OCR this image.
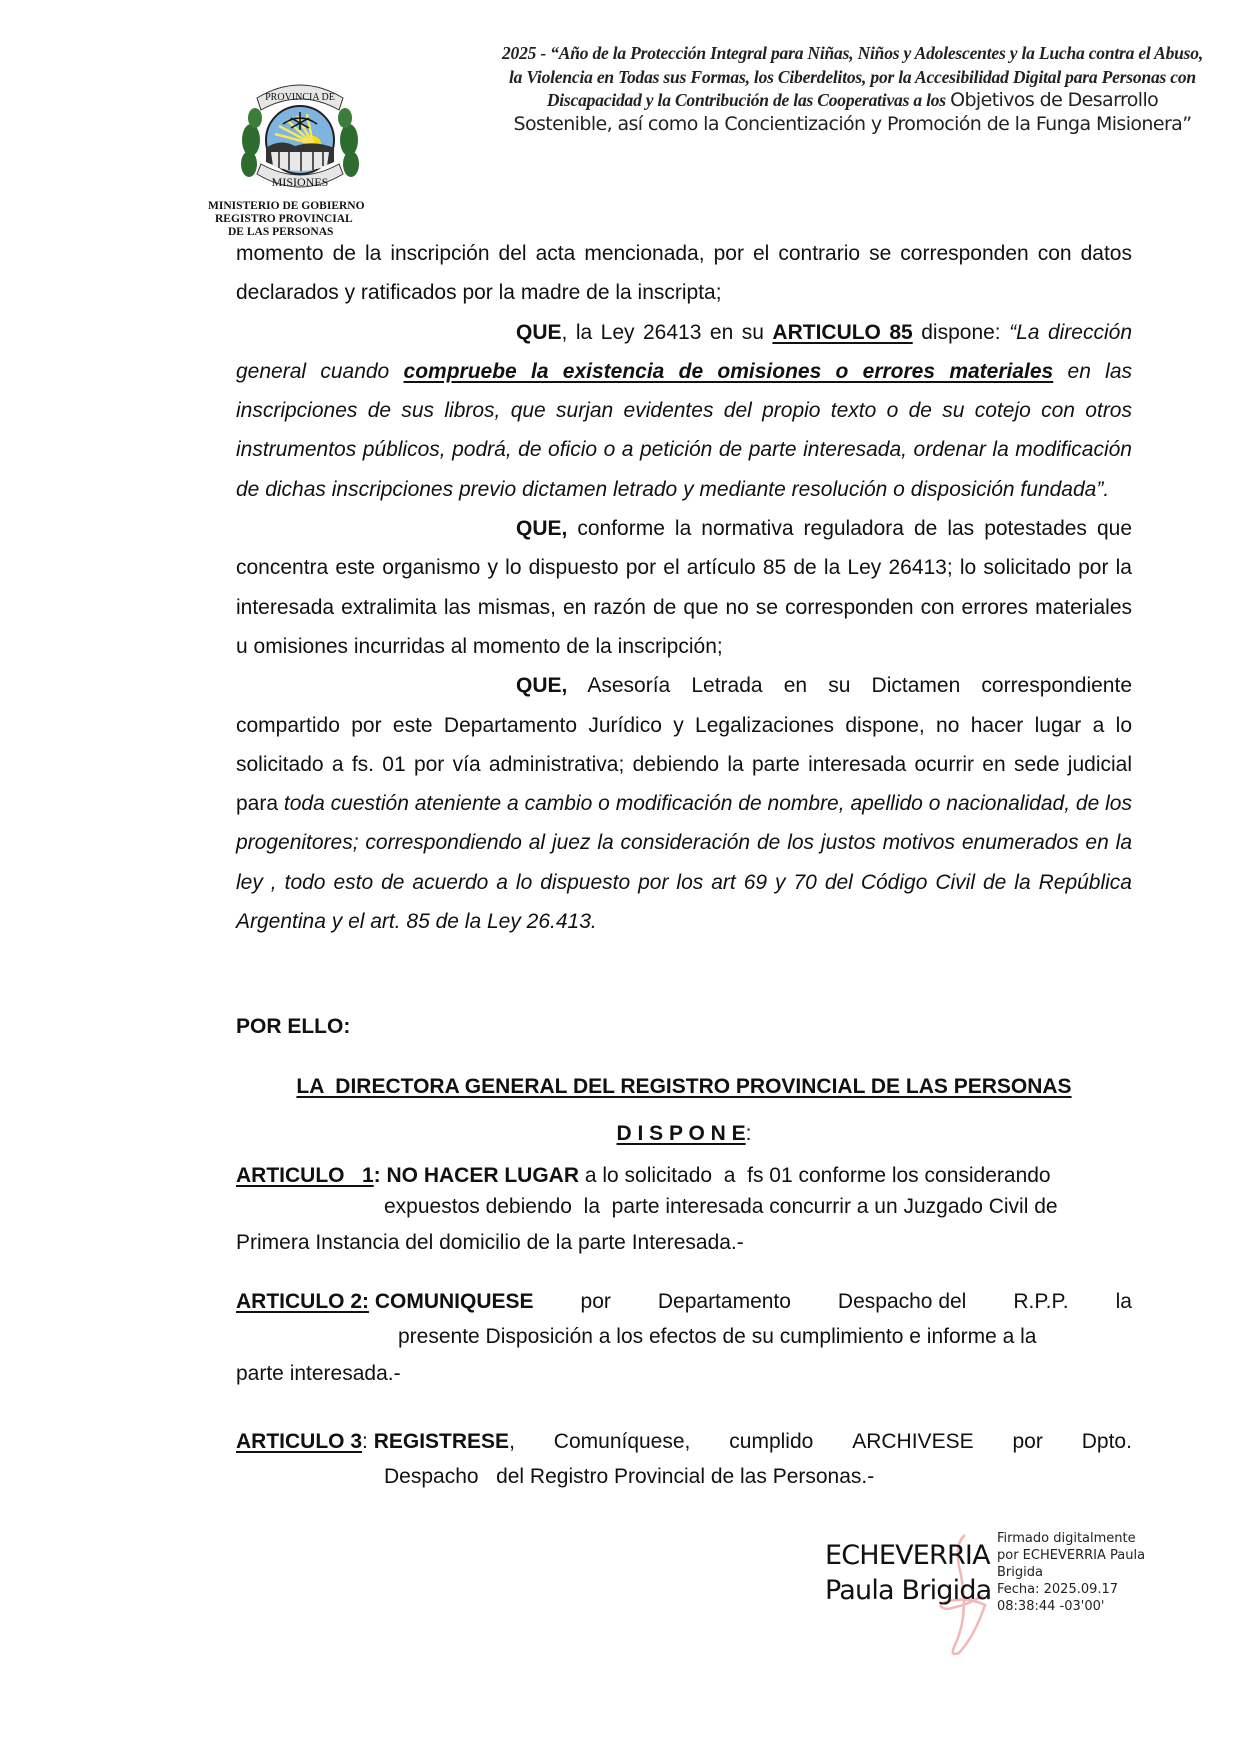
PROVINCIA DE
MISIONES
MINISTERIO DE GOBIERNO
REGISTRO PROVINCIAL
DE LAS PERSONAS
2025 - “Año de la Protección Integral para Niñas, Niños y Adolescentes y la Lucha contra el Abuso, la Violencia en Todas sus Formas, los Ciberdelitos, por la Accesibilidad Digital para Personas con Discapacidad y la Contribución de las Cooperativas a los Objetivos de Desarrollo Sostenible, así como la Concientización y Promoción de la Funga Misionera”

momento de la inscripción del acta mencionada, por el contrario se corresponden con datos declarados y ratificados por la madre de la inscripta;

QUE, la Ley 26413 en su ARTICULO 85 dispone: “La dirección general cuando compruebe la existencia de omisiones o errores materiales en las inscripciones de sus libros, que surjan evidentes del propio texto o de su cotejo con otros instrumentos públicos, podrá, de oficio o a petición de parte interesada, ordenar la modificación de dichas inscripciones previo dictamen letrado y mediante resolución o disposición fundada”.

QUE, conforme la normativa reguladora de las potestades que concentra este organismo y lo dispuesto por el artículo 85 de la Ley 26413; lo solicitado por la interesada extralimita las mismas, en razón de que no se corresponden con errores materiales u omisiones incurridas al momento de la inscripción;

QUE, Asesoría Letrada en su Dictamen correspondiente compartido por este Departamento Jurídico y Legalizaciones dispone, no hacer lugar a lo solicitado a fs. 01 por vía administrativa; debiendo la parte interesada ocurrir en sede judicial para toda cuestión ateniente a cambio o modificación de nombre, apellido o nacionalidad, de los progenitores; correspondiendo al juez la consideración de los justos motivos enumerados en la ley , todo esto de acuerdo a lo dispuesto por los art 69 y 70 del Código Civil de la República Argentina y el art. 85 de la Ley 26.413.

POR ELLO:
LA  DIRECTORA GENERAL DEL REGISTRO PROVINCIAL DE LAS PERSONAS
D I S P O N E:
ARTICULO   1: NO HACER LUGAR a lo solicitado  a  fs 01 conforme los considerando
expuestos debiendo  la  parte interesada concurrir a un Juzgado Civil de
Primera Instancia del domicilio de la parte Interesada.-
ARTICULO 2: COMUNIQUESE por Departamento Despacho del R.P.P. la
presente Disposición a los efectos de su cumplimiento e informe a la
parte interesada.-
ARTICULO 3: REGISTRESE, Comuníquese, cumplido ARCHIVESE por Dpto.
Despacho   del Registro Provincial de las Personas.-
ECHEVERRIA
Paula Brigida
Firmado digitalmente
por ECHEVERRIA Paula
Brigida
Fecha: 2025.09.17
08:38:44 -03'00'
